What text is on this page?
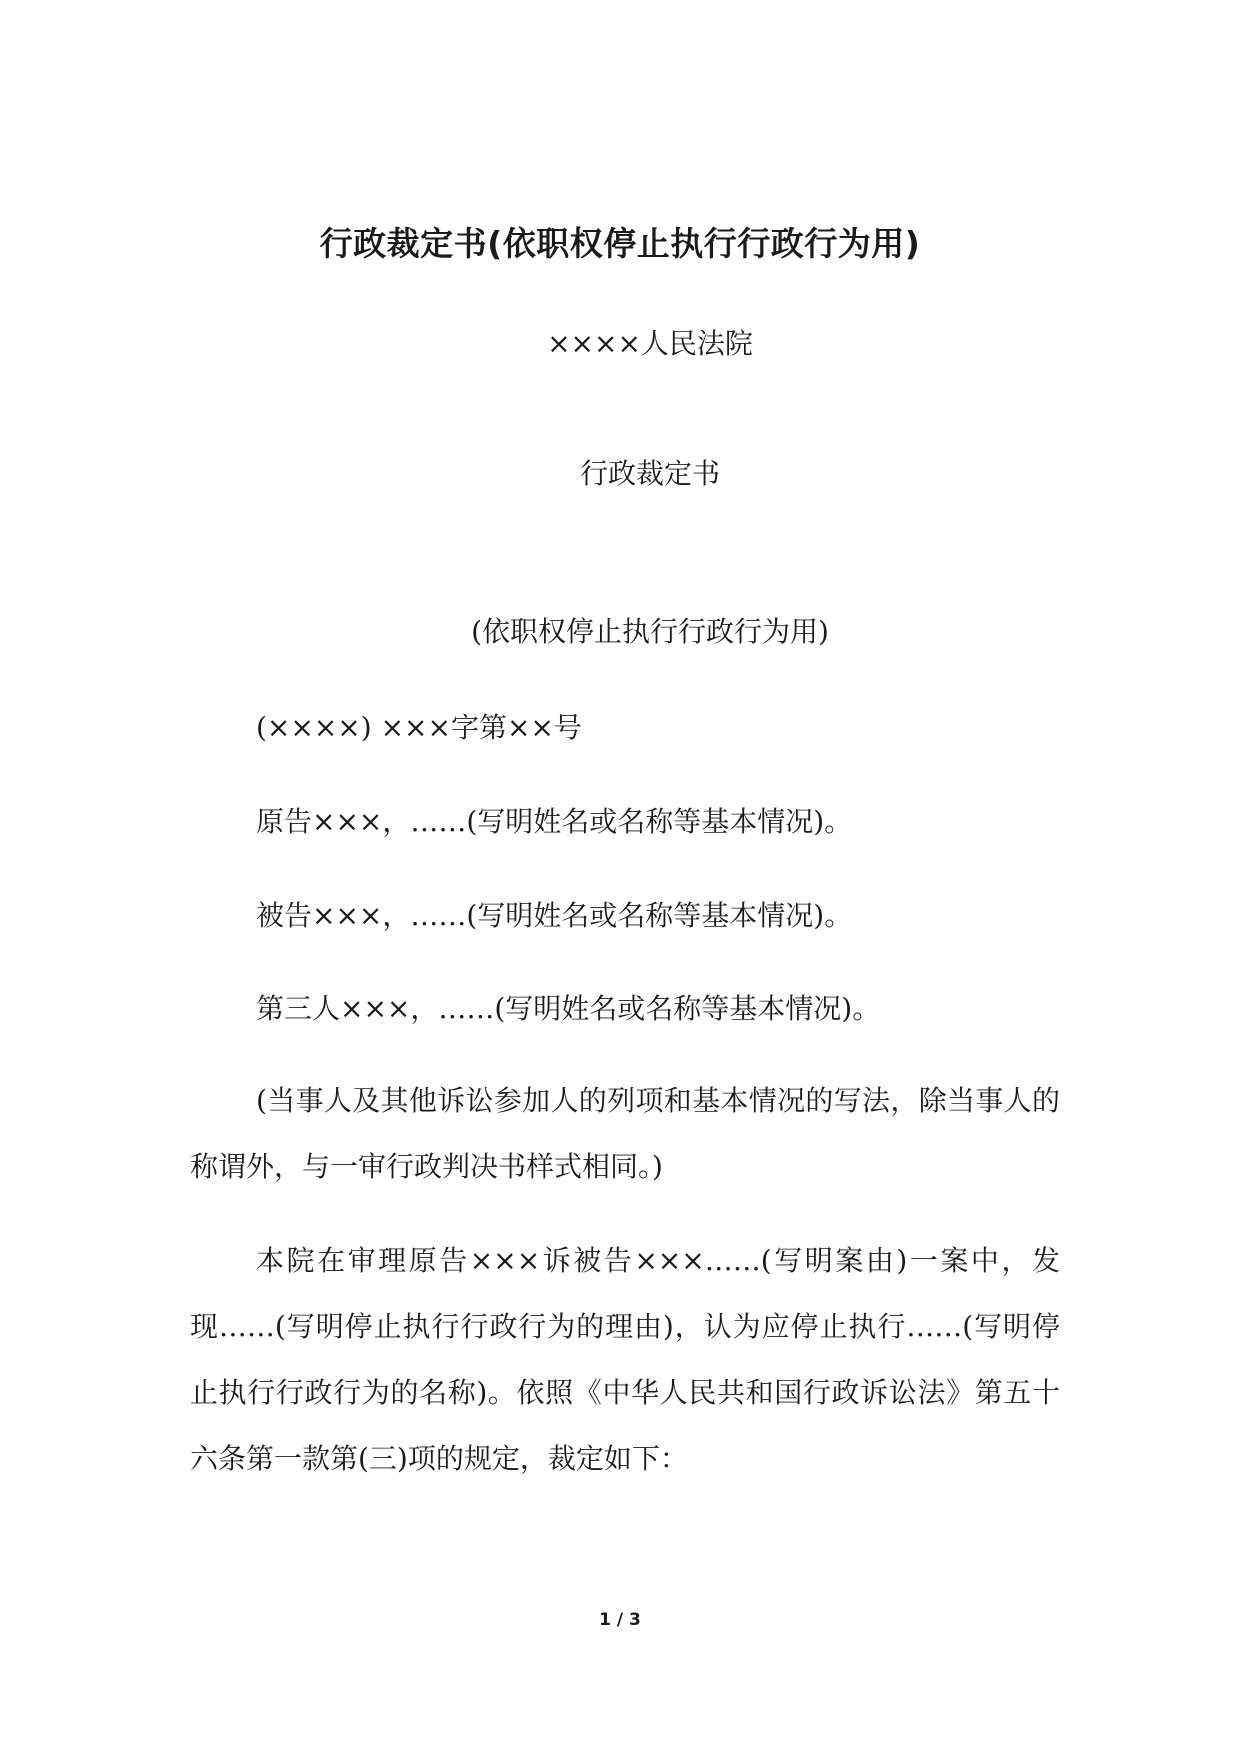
行政裁定书(依职权停止执行行政行为用)

××××人民法院

行政裁定书

(依职权停止执行行政行为用)

(××××) ×××字第××号

原告×××，……(写明姓名或名称等基本情况)。

被告×××，……(写明姓名或名称等基本情况)。

第三人×××，……(写明姓名或名称等基本情况)。

(当事人及其他诉讼参加人的列项和基本情况的写法，除当事人的称谓外，与一审行政判决书样式相同。)

本院在审理原告×××诉被告×××……(写明案由)一案中，发现……(写明停止执行行政行为的理由)，认为应停止执行……(写明停止执行行政行为的名称)。依照《中华人民共和国行政诉讼法》第五十六条第一款第(三)项的规定，裁定如下：

1 / 3
